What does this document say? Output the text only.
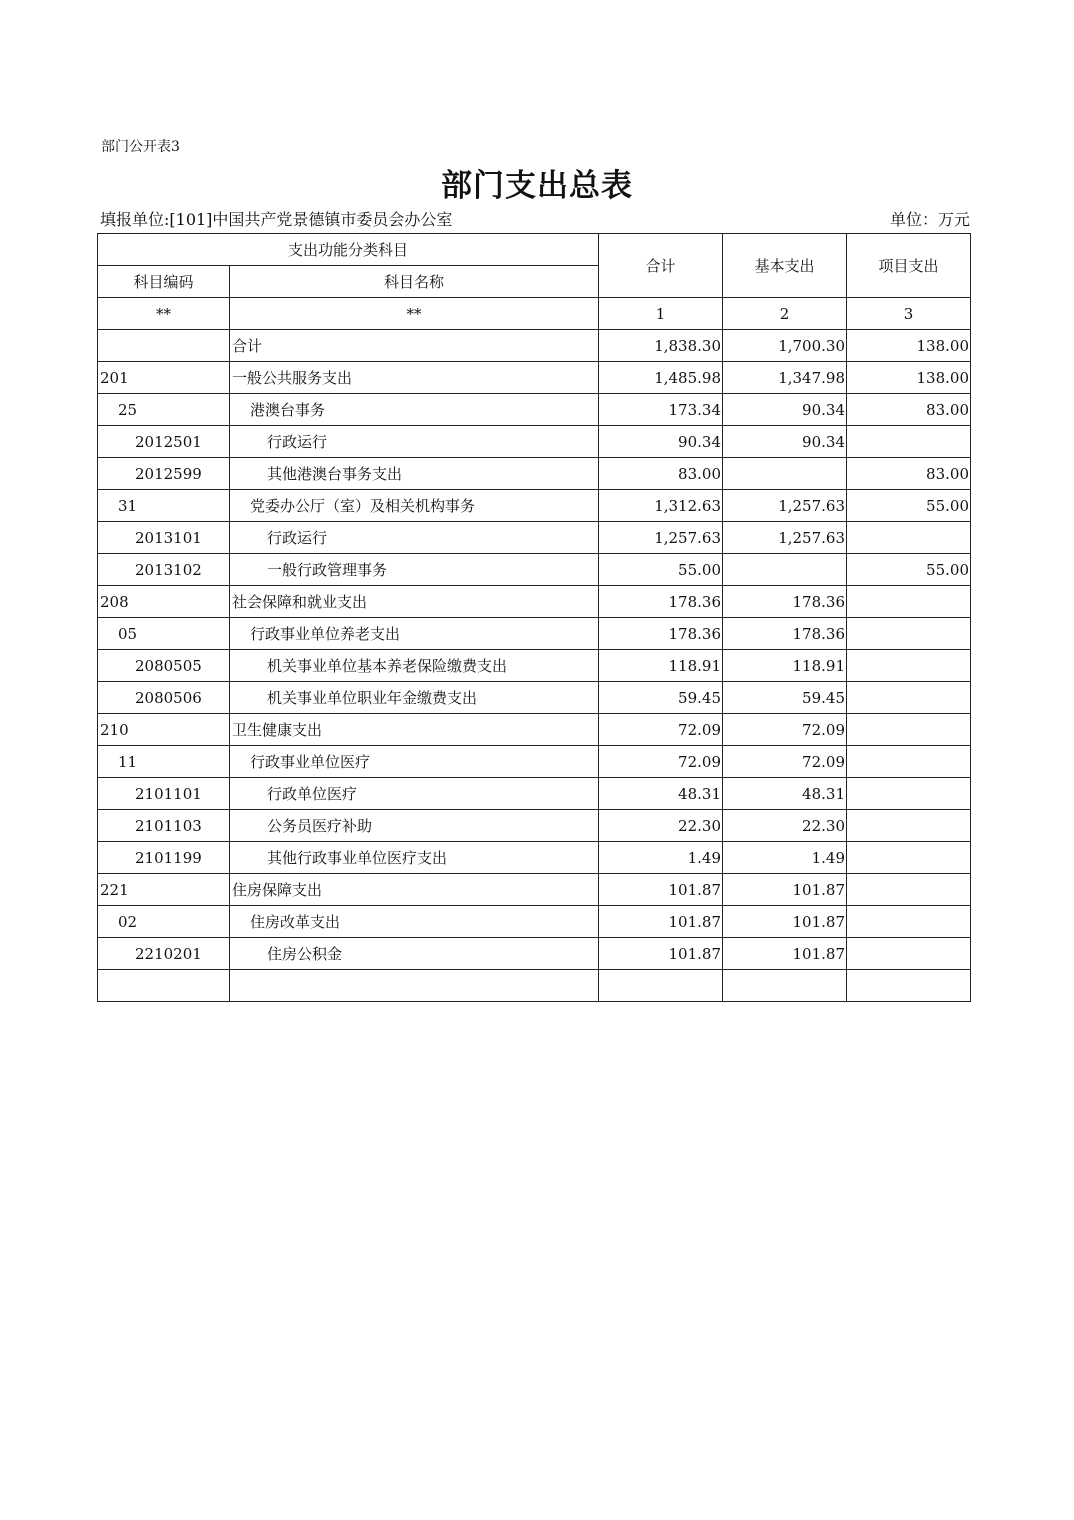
部门公开表3
部门支出总表
填报单位:[101]中国共产党景德镇市委员会办公室	单位：万元
支出功能分类科目		合计	基本支出	项目支出
科目编码	科目名称			
**	**	1	2	3
	合计	1,838.30	1,700.30	138.00
201	一般公共服务支出	1,485.98	1,347.98	138.00
25	港澳台事务	173.34	90.34	83.00
2012501	行政运行	90.34	90.34	
2012599	其他港澳台事务支出	83.00		83.00
31	党委办公厅（室）及相关机构事务	1,312.63	1,257.63	55.00
2013101	行政运行	1,257.63	1,257.63	
2013102	一般行政管理事务	55.00		55.00
208	社会保障和就业支出	178.36	178.36	
05	行政事业单位养老支出	178.36	178.36	
2080505	机关事业单位基本养老保险缴费支出	118.91	118.91	
2080506	机关事业单位职业年金缴费支出	59.45	59.45	
210	卫生健康支出	72.09	72.09	
11	行政事业单位医疗	72.09	72.09	
2101101	行政单位医疗	48.31	48.31	
2101103	公务员医疗补助	22.30	22.30	
2101199	其他行政事业单位医疗支出	1.49	1.49	
221	住房保障支出	101.87	101.87	
02	住房改革支出	101.87	101.87	
2210201	住房公积金	101.87	101.87	
